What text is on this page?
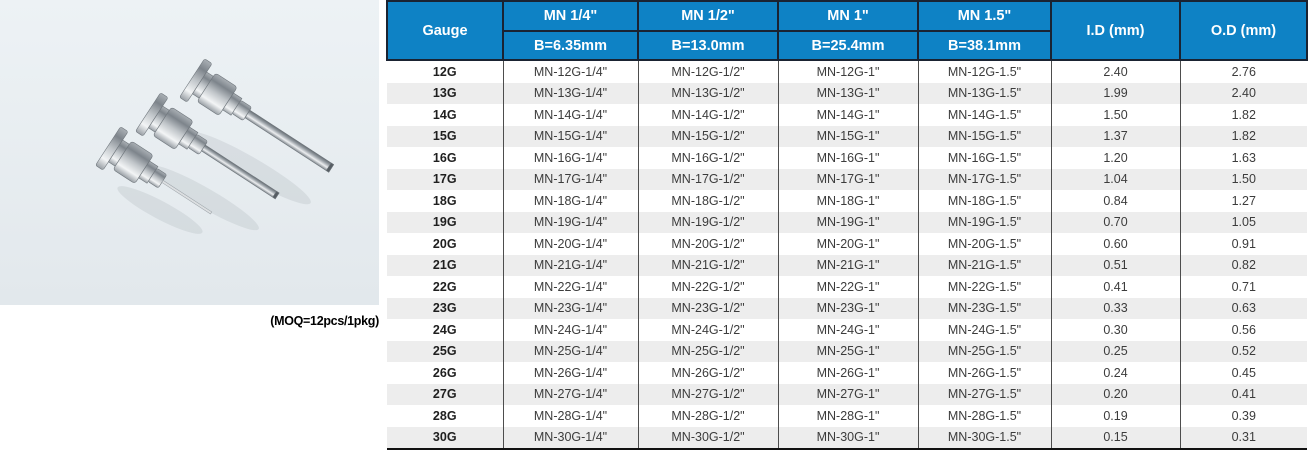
(MOQ=12pcs/1pkg)
Gauge	MN 1/4"	MN 1/2"	MN 1"	MN 1.5"	I.D (mm)	O.D (mm)
	B=6.35mm	B=13.0mm	B=25.4mm	B=38.1mm		
12G	MN-12G-1/4"	MN-12G-1/2"	MN-12G-1"	MN-12G-1.5"	2.40	2.76
13G	MN-13G-1/4"	MN-13G-1/2"	MN-13G-1"	MN-13G-1.5"	1.99	2.40
14G	MN-14G-1/4"	MN-14G-1/2"	MN-14G-1"	MN-14G-1.5"	1.50	1.82
15G	MN-15G-1/4"	MN-15G-1/2"	MN-15G-1"	MN-15G-1.5"	1.37	1.82
16G	MN-16G-1/4"	MN-16G-1/2"	MN-16G-1"	MN-16G-1.5"	1.20	1.63
17G	MN-17G-1/4"	MN-17G-1/2"	MN-17G-1"	MN-17G-1.5"	1.04	1.50
18G	MN-18G-1/4"	MN-18G-1/2"	MN-18G-1"	MN-18G-1.5"	0.84	1.27
19G	MN-19G-1/4"	MN-19G-1/2"	MN-19G-1"	MN-19G-1.5"	0.70	1.05
20G	MN-20G-1/4"	MN-20G-1/2"	MN-20G-1"	MN-20G-1.5"	0.60	0.91
21G	MN-21G-1/4"	MN-21G-1/2"	MN-21G-1"	MN-21G-1.5"	0.51	0.82
22G	MN-22G-1/4"	MN-22G-1/2"	MN-22G-1"	MN-22G-1.5"	0.41	0.71
23G	MN-23G-1/4"	MN-23G-1/2"	MN-23G-1"	MN-23G-1.5"	0.33	0.63
24G	MN-24G-1/4"	MN-24G-1/2"	MN-24G-1"	MN-24G-1.5"	0.30	0.56
25G	MN-25G-1/4"	MN-25G-1/2"	MN-25G-1"	MN-25G-1.5"	0.25	0.52
26G	MN-26G-1/4"	MN-26G-1/2"	MN-26G-1"	MN-26G-1.5"	0.24	0.45
27G	MN-27G-1/4"	MN-27G-1/2"	MN-27G-1"	MN-27G-1.5"	0.20	0.41
28G	MN-28G-1/4"	MN-28G-1/2"	MN-28G-1"	MN-28G-1.5"	0.19	0.39
30G	MN-30G-1/4"	MN-30G-1/2"	MN-30G-1"	MN-30G-1.5"	0.15	0.31
